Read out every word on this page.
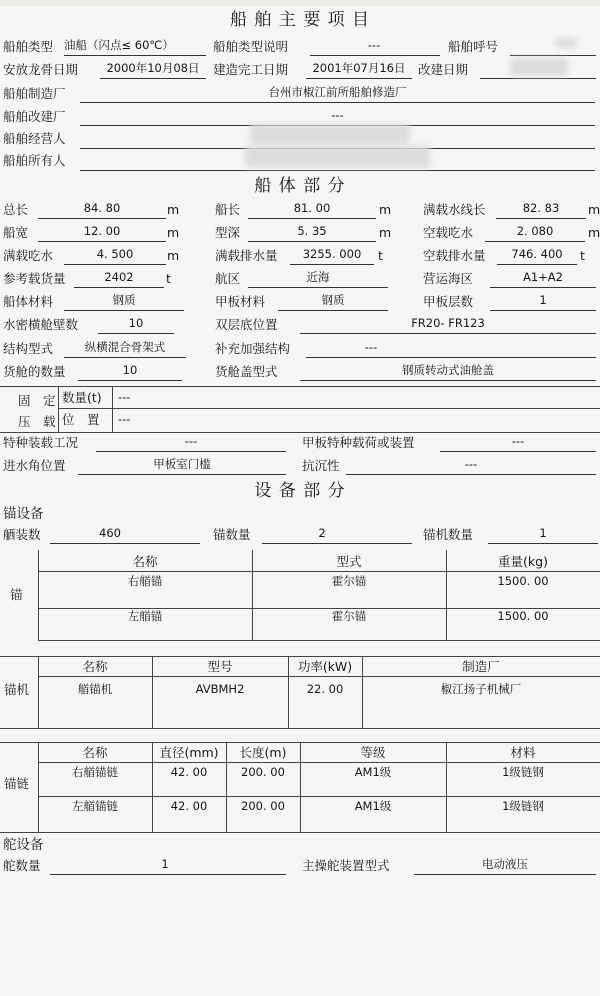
船 舶 主 要 项 目
船舶类型 油船（闪点≤ 60℃）	船舶类型说明	---	船舶呼号
安放龙骨日期	2000年10月08日	建造完工日期	2001年07月16日 改建日期
船舶制造厂	台州市椒江前所船舶修造厂
船舶改建厂	---
船舶经营人
船舶所有人
船 体 部 分
总长	84. 80	m	船长	81. 00	m	满载水线长	82. 83	m
船宽	12. 00	m	型深	5. 35	m	空载吃水	2. 080	m
满载吃水	4. 500	m	满载排水量	3255. 000	t	空载排水量	746. 400	t
参考载货量	2402	t	航区	近海	营运海区	A1+A2
船体材料	钢质	甲板材料	钢质	甲板层数	1
水密横舱壁数	10	双层底位置	FR20- FR123
结构型式	纵横混合骨架式	补充加强结构	---
货舱的数量	10	货舱盖型式	钢质转动式油舱盖
固　定
压　载
数量(t) ---
位　置 ---
特种装载工况	---	甲板特种载荷或装置	---
进水角位置	甲板室门槛	抗沉性	---
设 备 部 分
锚设备
舾装数	460	锚数量	2	锚机数量	1
锚
名称	型式	重量(kg)
右艏锚	霍尔锚	1500. 00
左艏锚	霍尔锚	1500. 00
锚机
名称	型号	功率(kW)	制造厂
艏锚机	AVBMH2	22. 00	椒江扬子机械厂
锚链
名称	直径(mm)	长度(m)	等级	材料
右艏锚链	42. 00	200. 00	AM1级	1级链钢
左艏锚链	42. 00	200. 00	AM1级	1级链钢
舵设备
舵数量	1	主操舵装置型式	电动液压
